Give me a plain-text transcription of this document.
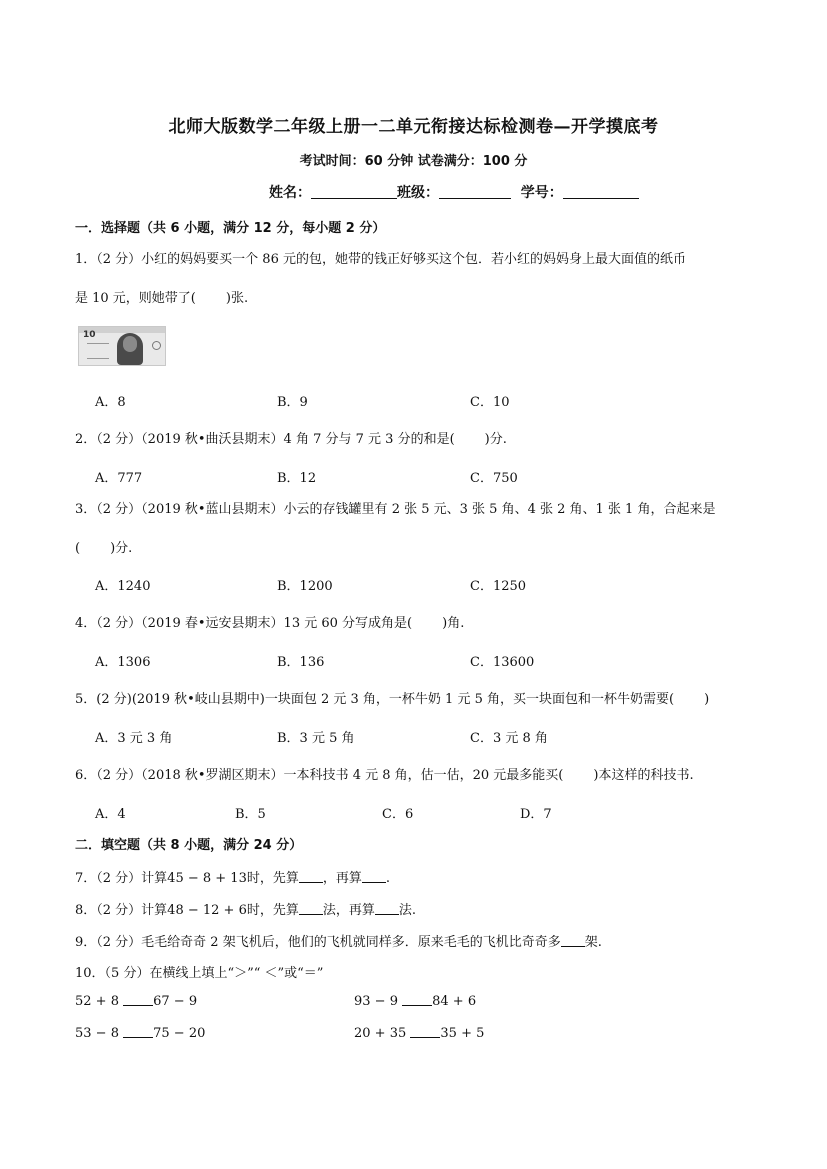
北师大版数学二年级上册一二单元衔接达标检测卷—开学摸底考
考试时间：60 分钟 试卷满分：100 分
姓名：	班级：	学号：
一．选择题（共 6 小题，满分 12 分，每小题 2 分）
1．（2 分）小红的妈妈要买一个 86 元的包，她带的钱正好够买这个包．若小红的妈妈身上最大面值的纸币
是 10 元，则她带了( )张.
10
A．8	B．9	C．10
2．（2 分）（2019 秋•曲沃县期末）4 角 7 分与 7 元 3 分的和是( )分.
A．777	B．12	C．750
3．（2 分）（2019 秋•蓝山县期末）小云的存钱罐里有 2 张 5 元、3 张 5 角、4 张 2 角、1 张 1 角，合起来是
( )分.
A．1240	B．1200	C．1250
4．（2 分）（2019 春•远安县期末）13 元 60 分写成角是( )角.
A．1306	B．136	C．13600
5．(2 分)(2019 秋•岐山县期中)一块面包 2 元 3 角，一杯牛奶 1 元 5 角，买一块面包和一杯牛奶需要( )
A．3 元 3 角	B．3 元 5 角	C．3 元 8 角
6．（2 分）（2018 秋•罗湖区期末）一本科技书 4 元 8 角，估一估，20 元最多能买( )本这样的科技书.
A．4	B．5	C．6	D．7
二．填空题（共 8 小题，满分 24 分）
7．（2 分）计算45 − 8 + 13时，先算 ，再算 .
8．（2 分）计算48 − 12 + 6时，先算 法，再算 法.
9．（2 分）毛毛给奇奇 2 架飞机后，他们的飞机就同样多．原来毛毛的飞机比奇奇多 架.
10．（5 分）在横线上填上“＞”“ ＜”或“＝”
52 + 8	67 − 9	93 − 9	84 + 6
53 − 8	75 − 20	20 + 35	35 + 5
